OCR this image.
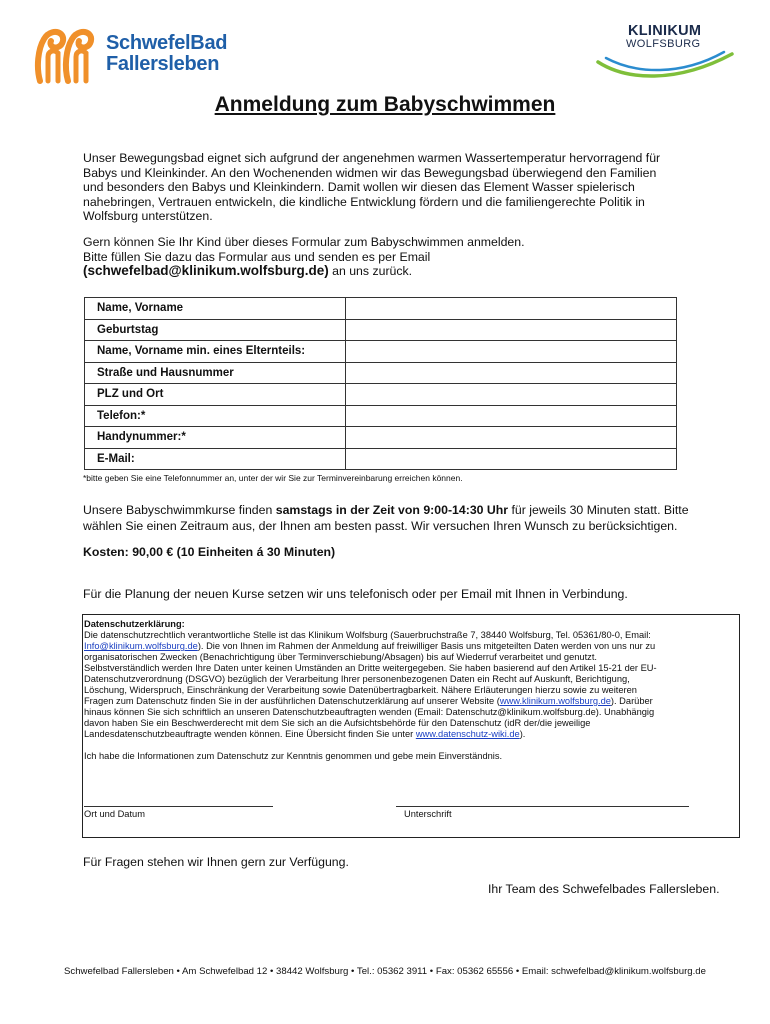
SchwefelBad
Fallersleben
KLINIKUM
WOLFSBURG
Anmeldung zum Babyschwimmen
Unser Bewegungsbad eignet sich aufgrund der angenehmen warmen Wassertemperatur hervorragend für
Babys und Kleinkinder. An den Wochenenden widmen wir das Bewegungsbad überwiegend den Familien
und besonders den Babys und Kleinkindern. Damit wollen wir diesen das Element Wasser spielerisch
nahebringen, Vertrauen entwickeln, die kindliche Entwicklung fördern und die familiengerechte Politik in
Wolfsburg unterstützen.
Gern können Sie Ihr Kind über dieses Formular zum Babyschwimmen anmelden.
Bitte füllen Sie dazu das Formular aus und senden es per Email
(schwefelbad@klinikum.wolfsburg.de) an uns zurück.
Name, Vorname	
Geburtstag	
Name, Vorname min. eines Elternteils:	
Straße und Hausnummer	
PLZ und Ort	
Telefon:*	
Handynummer:*	
E-Mail:	
*bitte geben Sie eine Telefonnummer an, unter der wir Sie zur Terminvereinbarung erreichen können.
Unsere Babyschwimmkurse finden samstags in der Zeit von 9:00-14:30 Uhr für jeweils 30 Minuten statt. Bitte
wählen Sie einen Zeitraum aus, der Ihnen am besten passt. Wir versuchen Ihren Wunsch zu berücksichtigen.
Kosten: 90,00 € (10 Einheiten á 30 Minuten)
Für die Planung der neuen Kurse setzen wir uns telefonisch oder per Email mit Ihnen in Verbindung.
Datenschutzerklärung:
Die datenschutzrechtlich verantwortliche Stelle ist das Klinikum Wolfsburg (Sauerbruchstraße 7, 38440 Wolfsburg, Tel. 05361/80-0, Email:
Info@klinikum.wolfsburg.de). Die von Ihnen im Rahmen der Anmeldung auf freiwilliger Basis uns mitgeteilten Daten werden von uns nur zu
organisatorischen Zwecken (Benachrichtigung über Terminverschiebung/Absagen) bis auf Wiederruf verarbeitet und genutzt.
Selbstverständlich werden Ihre Daten unter keinen Umständen an Dritte weitergegeben. Sie haben basierend auf den Artikel 15-21 der EU-
Datenschutzverordnung (DSGVO) bezüglich der Verarbeitung Ihrer personenbezogenen Daten ein Recht auf Auskunft, Berichtigung,
Löschung, Widerspruch, Einschränkung der Verarbeitung sowie Datenübertragbarkeit. Nähere Erläuterungen hierzu sowie zu weiteren
Fragen zum Datenschutz finden Sie in der ausführlichen Datenschutzerklärung auf unserer Website (www.klinikum.wolfsburg.de). Darüber
hinaus können Sie sich schriftlich an unseren Datenschutzbeauftragten wenden (Email: Datenschutz@klinikum.wolfsburg.de). Unabhängig
davon haben Sie ein Beschwerderecht mit dem Sie sich an die Aufsichtsbehörde für den Datenschutz (idR der/die jeweilige
Landesdatenschutzbeauftragte wenden können. Eine Übersicht finden Sie unter www.datenschutz-wiki.de).
Ich habe die Informationen zum Datenschutz zur Kenntnis genommen und gebe mein Einverständnis.
Ort und Datum	Unterschrift
Für Fragen stehen wir Ihnen gern zur Verfügung.
Ihr Team des Schwefelbades Fallersleben.
Schwefelbad Fallersleben • Am Schwefelbad 12 • 38442 Wolfsburg • Tel.: 05362 3911 • Fax: 05362 65556 • Email: schwefelbad@klinikum.wolfsburg.de
